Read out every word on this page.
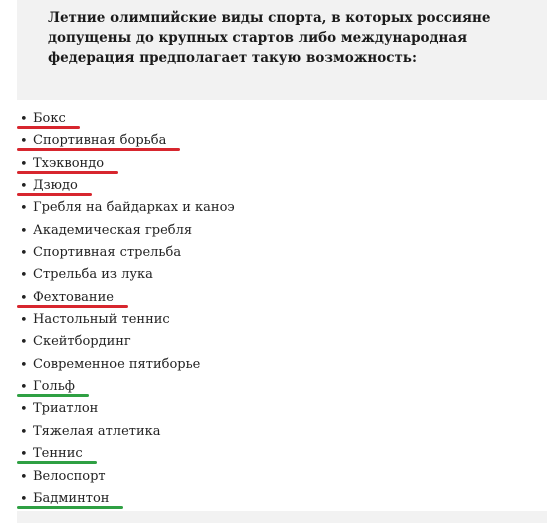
Летние олимпийские виды спорта, в которых россияне допущены до крупных стартов либо международная федерация предполагает такую возможность:

•
Бокс
•
Спортивная борьба
•
Тхэквондо
•
Дзюдо
•
Гребля на байдарках и каноэ
•
Академическая гребля
•
Спортивная стрельба
•
Стрельба из лука
•
Фехтование
•
Настольный теннис
•
Скейтбординг
•
Современное пятиборье
•
Гольф
•
Триатлон
•
Тяжелая атлетика
•
Теннис
•
Велоспорт
•
Бадминтон
